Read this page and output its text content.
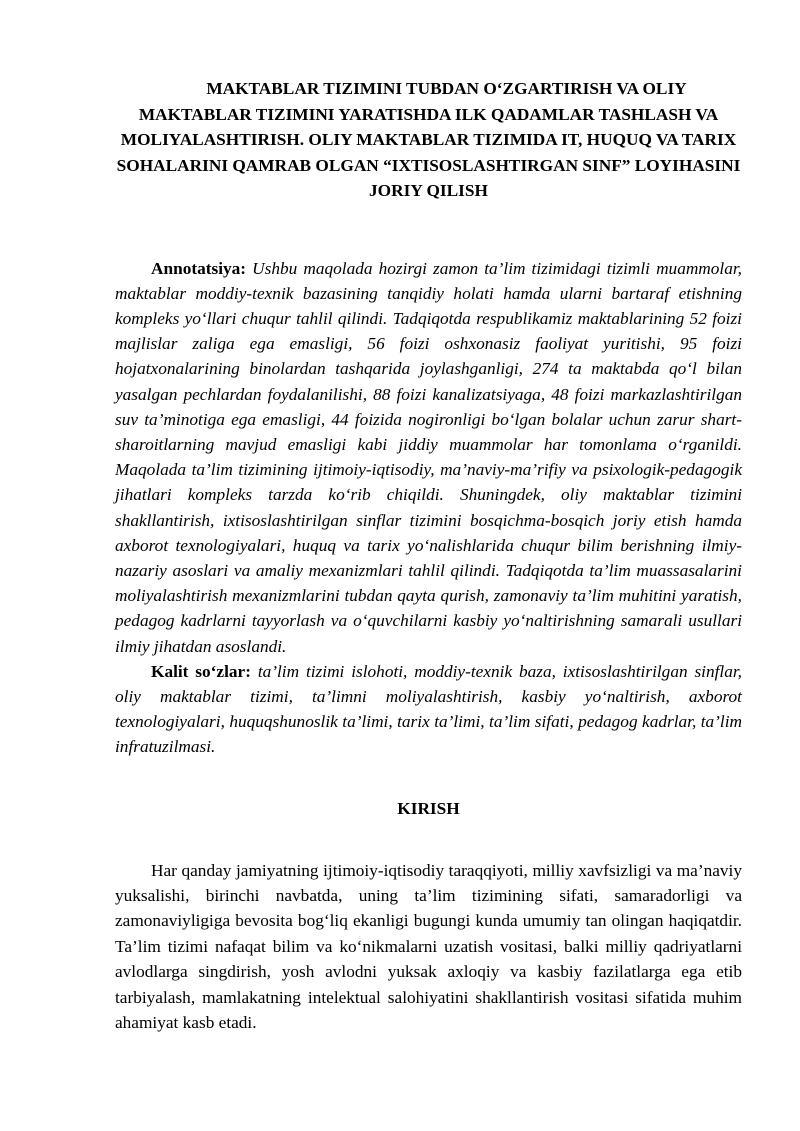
MAKTABLAR TIZIMINI TUBDAN O‘ZGARTIRISH VA OLIY MAKTABLAR TIZIMINI YARATISHDA ILK QADAMLAR TASHLASH VA MOLIYALASHTIRISH. OLIY MAKTABLAR TIZIMIDA IT, HUQUQ VA TARIX SOHALARINI QAMRAB OLGAN “IXTISOSLASHTIRGAN SINF” LOYIHASINI JORIY QILISH

Annotatsiya: Ushbu maqolada hozirgi zamon ta’lim tizimidagi tizimli muammolar, maktablar moddiy-texnik bazasining tanqidiy holati hamda ularni bartaraf etishning kompleks yo‘llari chuqur tahlil qilindi. Tadqiqotda respublikamiz maktablarining 52 foizi majlislar zaliga ega emasligi, 56 foizi oshxonasiz faoliyat yuritishi, 95 foizi hojatxonalarining binolardan tashqarida joylashganligi, 274 ta maktabda qo‘l bilan yasalgan pechlardan foydalanilishi, 88 foizi kanalizatsiyaga, 48 foizi markazlashtirilgan suv ta’minotiga ega emasligi, 44 foizida nogironligi bo‘lgan bolalar uchun zarur shart-sharoitlarning mavjud emasligi kabi jiddiy muammolar har tomonlama o‘rganildi. Maqolada ta’lim tizimining ijtimoiy-iqtisodiy, ma’naviy-ma’rifiy va psixologik-pedagogik jihatlari kompleks tarzda ko‘rib chiqildi. Shuningdek, oliy maktablar tizimini shakllantirish, ixtisoslashtirilgan sinflar tizimini bosqichma-bosqich joriy etish hamda axborot texnologiyalari, huquq va tarix yo‘nalishlarida chuqur bilim berishning ilmiy-nazariy asoslari va amaliy mexanizmlari tahlil qilindi. Tadqiqotda ta’lim muassasalarini moliyalashtirish mexanizmlarini tubdan qayta qurish, zamonaviy ta’lim muhitini yaratish, pedagog kadrlarni tayyorlash va o‘quvchilarni kasbiy yo‘naltirishning samarali usullari ilmiy jihatdan asoslandi.

Kalit so‘zlar: ta’lim tizimi islohoti, moddiy-texnik baza, ixtisoslashtirilgan sinflar, oliy maktablar tizimi, ta’limni moliyalashtirish, kasbiy yo‘naltirish, axborot texnologiyalari, huquqshunoslik ta’limi, tarix ta’limi, ta’lim sifati, pedagog kadrlar, ta’lim infratuzilmasi.

KIRISH

Har qanday jamiyatning ijtimoiy-iqtisodiy taraqqiyoti, milliy xavfsizligi va ma’naviy yuksalishi, birinchi navbatda, uning ta’lim tizimining sifati, samaradorligi va zamonaviyligiga bevosita bog‘liq ekanligi bugungi kunda umumiy tan olingan haqiqatdir. Ta’lim tizimi nafaqat bilim va ko‘nikmalarni uzatish vositasi, balki milliy qadriyatlarni avlodlarga singdirish, yosh avlodni yuksak axloqiy va kasbiy fazilatlarga ega etib tarbiyalash, mamlakatning intelektual salohiyatini shakllantirish vositasi sifatida muhim ahamiyat kasb etadi.
